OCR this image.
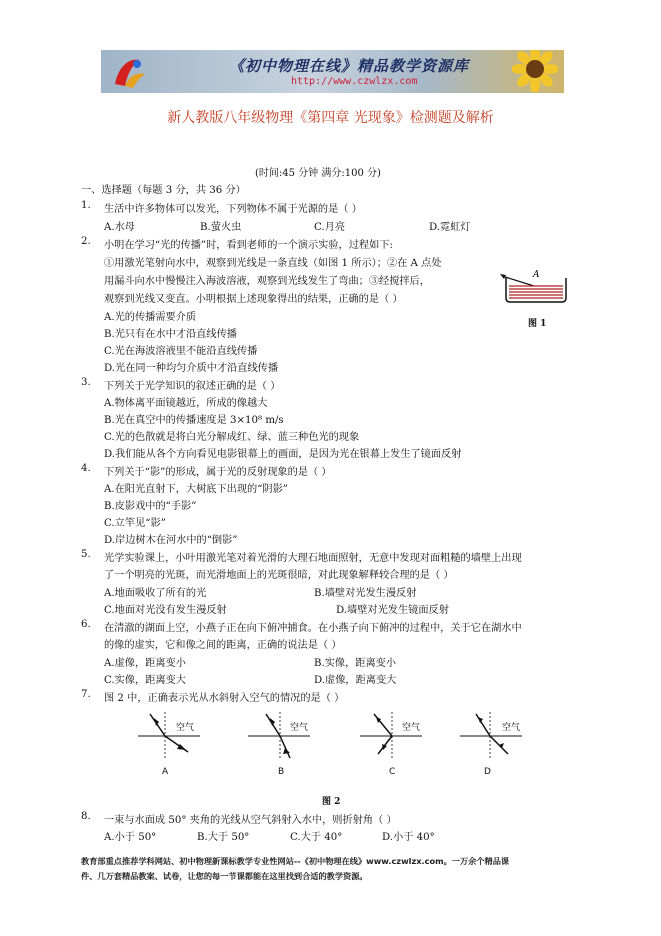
《初中物理在线》精品教学资源库
http://www.czwlzx.com
新人教版八年级物理《第四章 光现象》检测题及解析
(时间:45 分钟 满分:100 分)
一、选择题（每题 3 分，共 36 分）
1. 生活中许多物体可以发光，下列物体不属于光源的是（ ）
A.水母	B.萤火虫	C.月亮	D.霓虹灯
2. 小明在学习“光的传播”时，看到老师的一个演示实验，过程如下:
①用激光笔射向水中，观察到光线是一条直线（如图 1 所示）；②在 A 点处
用漏斗向水中慢慢注入海波溶液，观察到光线发生了弯曲；③经搅拌后，
观察到光线又变直。小明根据上述现象得出的结果，正确的是（ ）
A.光的传播需要介质
B.光只有在水中才沿直线传播
C.光在海波溶液里不能沿直线传播
D.光在同一种均匀介质中才沿直线传播
A
图 1
3. 下列关于光学知识的叙述正确的是（ ）
A.物体离平面镜越近，所成的像越大
B.光在真空中的传播速度是 3×10⁸ m/s
C.光的色散就是将白光分解成红、绿、蓝三种色光的现象
D.我们能从各个方向看见电影银幕上的画面，是因为光在银幕上发生了镜面反射
4. 下列关于“影”的形成，属于光的反射现象的是（ ）
A.在阳光直射下，大树底下出现的“阴影”
B.皮影戏中的“手影”
C.立竿见“影”
D.岸边树木在河水中的“倒影”
5. 光学实验课上，小叶用激光笔对着光滑的大理石地面照射，无意中发现对面粗糙的墙壁上出现
了一个明亮的光斑，而光滑地面上的光斑很暗，对此现象解释较合理的是（ ）
A.地面吸收了所有的光	B.墙壁对光发生漫反射
C.地面对光没有发生漫反射	D.墙壁对光发生镜面反射
6. 在清澈的湖面上空，小燕子正在向下俯冲捕食。在小燕子向下俯冲的过程中，关于它在湖水中
的像的虚实，它和像之间的距离，正确的说法是（ ）
A.虚像，距离变小	B.实像，距离变小
C.实像，距离变大	D.虚像，距离变大
7. 图 2 中，正确表示光从水斜射入空气的情况的是（ ）
空气	空气	空气	空气
A	B	C	D
图 2
8. 一束与水面成 50° 夹角的光线从空气斜射入水中，则折射角（ ）
A.小于 50°	B.大于 50°	C.大于 40°	D.小于 40°
教育部重点推荐学科网站、初中物理新课标教学专业性网站--《初中物理在线》www.czwlzx.com。一万余个精品课
件、几万套精品教案、试卷，让您的每一节课都能在这里找到合适的教学资源。
